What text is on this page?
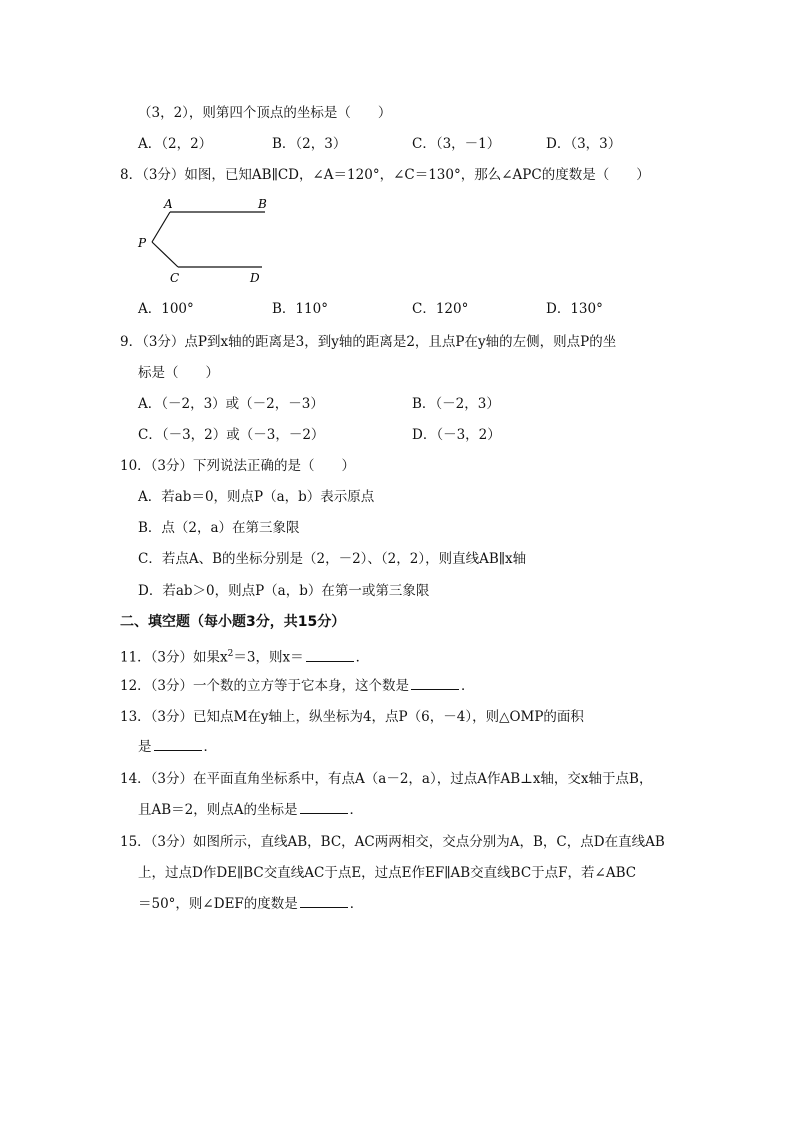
（3，2），则第四个顶点的坐标是（　　）
A．（2，2）	B．（2，3）	C．（3，－1）	D．（3，3）
8．（3分）如图，已知AB∥CD，∠A＝120°，∠C＝130°，那么∠APC的度数是（　　）
A	B
P
C	D
A．100°	B．110°	C．120°	D．130°
9．（3分）点P到x轴的距离是3，到y轴的距离是2，且点P在y轴的左侧，则点P的坐
标是（　　）
A．（－2，3）或（－2，－3）	B．（－2，3）
C．（－3，2）或（－3，－2）	D．（－3，2）
10．（3分）下列说法正确的是（　　）
A．若ab＝0，则点P（a，b）表示原点
B．点（2，a）在第三象限
C．若点A、B的坐标分别是（2，－2）、（2，2），则直线AB∥x轴
D．若ab＞0，则点P（a，b）在第一或第三象限
二、填空题（每小题3分，共15分）
11．（3分）如果$x^2=3$，则x＝	．
12．（3分）一个数的立方等于它本身，这个数是	．
13．（3分）已知点M在y轴上，纵坐标为4，点P（6，－4），则△OMP的面积
是	．
14．（3分）在平面直角坐标系中，有点A（a－2，a），过点A作AB⊥x轴，交x轴于点B，
且AB＝2，则点A的坐标是	．
15．（3分）如图所示，直线AB，BC，AC两两相交，交点分别为A，B，C，点D在直线AB
上，过点D作DE∥BC交直线AC于点E，过点E作EF∥AB交直线BC于点F，若∠ABC
＝50°，则∠DEF的度数是	．
